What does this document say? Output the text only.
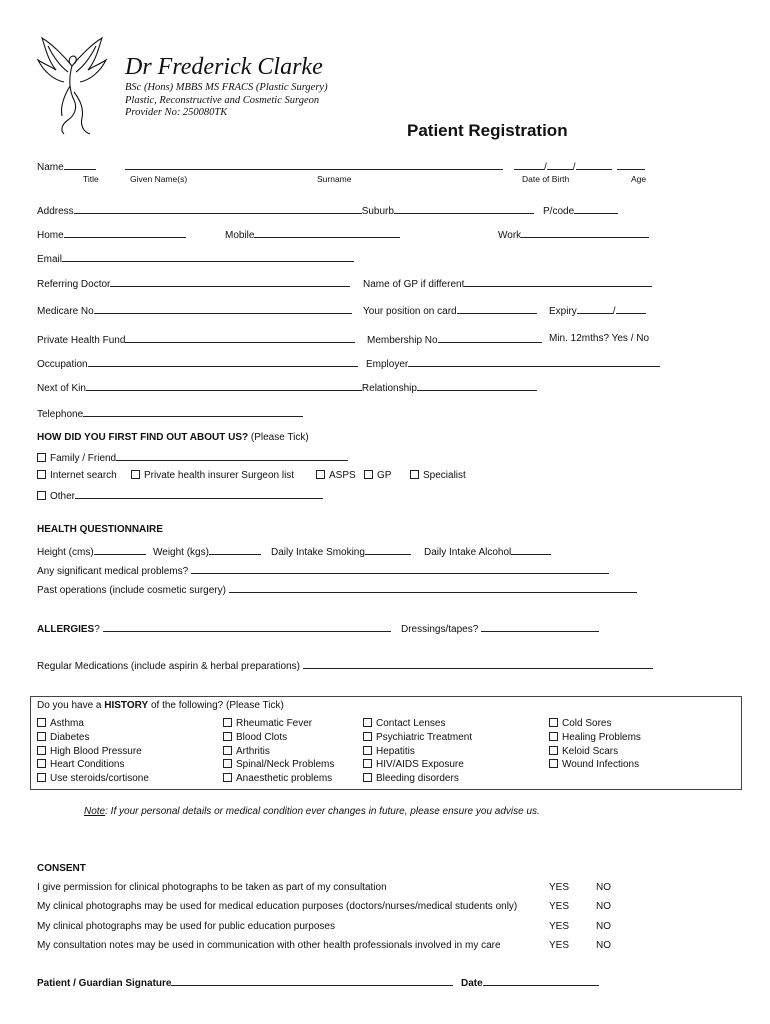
Dr Frederick Clarke
BSc (Hons) MBBS MS FRACS (Plastic Surgery)
Plastic, Reconstructive and Cosmetic Surgeon
Provider No: 250080TK
Patient Registration
Name	/	/
Title	Given Name(s)	Surname	Date of Birth	Age
Address	Suburb	P/code
Home	Mobile	Work
Email
Referring Doctor	Name of GP if different
Medicare No	Your position on card	Expiry	/
Private Health Fund	Membership No	Min. 12mths? Yes / No
Occupation	Employer
Next of Kin	Relationship
Telephone
HOW DID YOU FIRST FIND OUT ABOUT US? (Please Tick)
Family / Friend
Internet search	Private health insurer Surgeon list	ASPS	GP	Specialist
Other
HEALTH QUESTIONNAIRE
Height (cms)	Weight (kgs)	Daily Intake Smoking	Daily Intake Alcohol
Any significant medical problems?
Past operations (include cosmetic surgery)
ALLERGIES?	Dressings/tapes?
Regular Medications (include aspirin & herbal preparations)
Do you have a HISTORY of the following? (Please Tick)
Asthma
Diabetes
High Blood Pressure
Heart Conditions
Use steroids/cortisone
Rheumatic Fever
Blood Clots
Arthritis
Spinal/Neck Problems
Anaesthetic problems
Contact Lenses
Psychiatric Treatment
Hepatitis
HIV/AIDS Exposure
Bleeding disorders
Cold Sores
Healing Problems
Keloid Scars
Wound Infections
Note: If your personal details or medical condition ever changes in future, please ensure you advise us.
CONSENT
I give permission for clinical photographs to be taken as part of my consultation	YES	NO
My clinical photographs may be used for medical education purposes (doctors/nurses/medical students only)	YES	NO
My clinical photographs may be used for public education purposes	YES	NO
My consultation notes may be used in communication with other health professionals involved in my care	YES	NO
Patient / Guardian Signature	Date
